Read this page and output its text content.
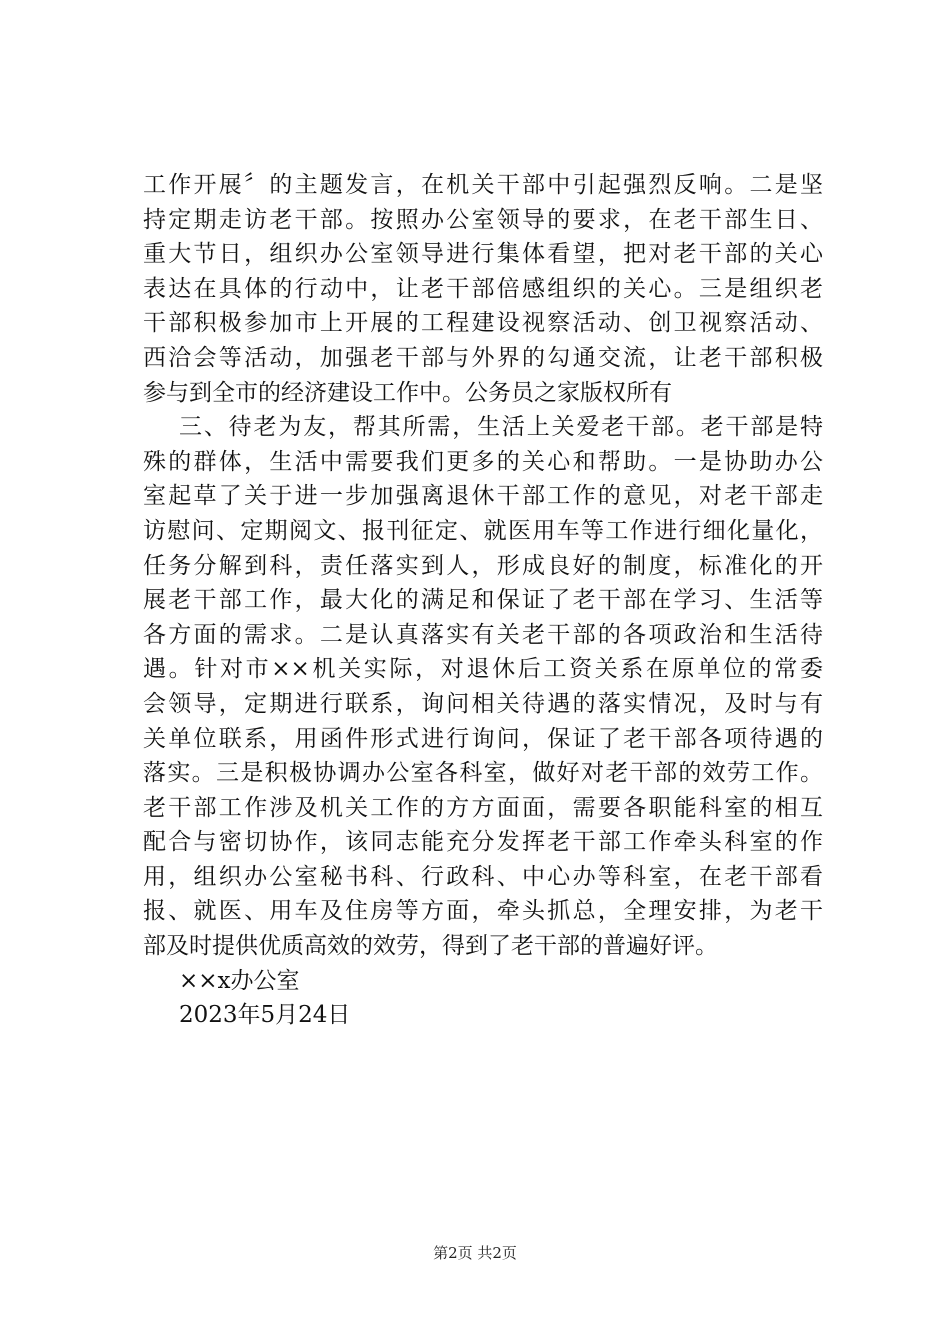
工作开展〞的主题发言，在机关干部中引起强烈反响。二是坚
持定期走访老干部。按照办公室领导的要求，在老干部生日、
重大节日，组织办公室领导进行集体看望，把对老干部的关心
表达在具体的行动中，让老干部倍感组织的关心。三是组织老
干部积极参加市上开展的工程建设视察活动、创卫视察活动、
西洽会等活动，加强老干部与外界的勾通交流，让老干部积极
参与到全市的经济建设工作中。公务员之家版权所有
三、待老为友，帮其所需，生活上关爱老干部。老干部是特
殊的群体，生活中需要我们更多的关心和帮助。一是协助办公
室起草了关于进一步加强离退休干部工作的意见，对老干部走
访慰问、定期阅文、报刊征定、就医用车等工作进行细化量化，
任务分解到科，责任落实到人，形成良好的制度，标准化的开
展老干部工作，最大化的满足和保证了老干部在学习、生活等
各方面的需求。二是认真落实有关老干部的各项政治和生活待
遇。针对市××机关实际，对退休后工资关系在原单位的常委
会领导，定期进行联系，询问相关待遇的落实情况，及时与有
关单位联系，用函件形式进行询问，保证了老干部各项待遇的
落实。三是积极协调办公室各科室，做好对老干部的效劳工作。
老干部工作涉及机关工作的方方面面，需要各职能科室的相互
配合与密切协作，该同志能充分发挥老干部工作牵头科室的作
用，组织办公室秘书科、行政科、中心办等科室，在老干部看
报、就医、用车及住房等方面，牵头抓总，全理安排，为老干
部及时提供优质高效的效劳，得到了老干部的普遍好评。
××x办公室
2023年5月24日
第2页 共2页
